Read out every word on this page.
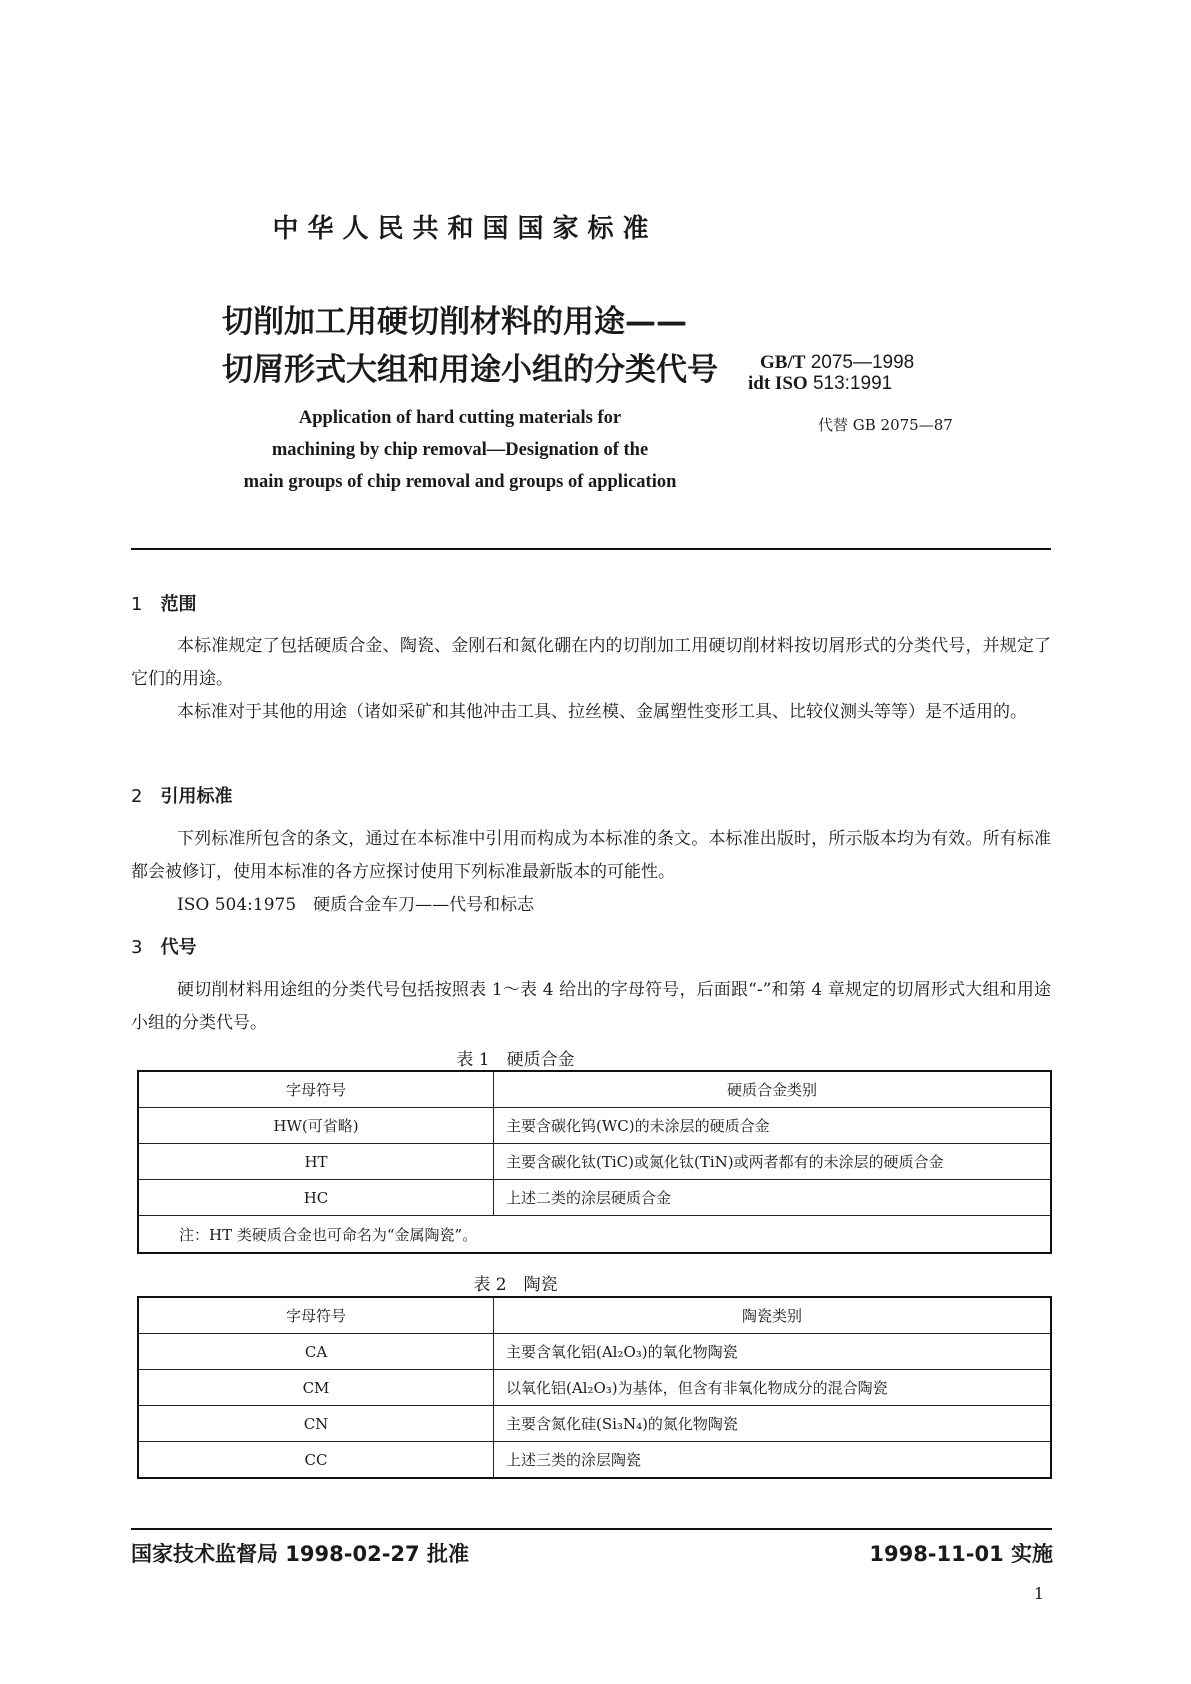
中华人民共和国国家标准
切削加工用硬切削材料的用途——
切屑形式大组和用途小组的分类代号 GB/T 2075—1998
idt ISO 513:1991
代替 GB 2075—87
Application of hard cutting materials for
machining by chip removal—Designation of the
main groups of chip removal and groups of application
1 范围

本标准规定了包括硬质合金、陶瓷、金刚石和氮化硼在内的切削加工用硬切削材料按切屑形式的分类代号，并规定了它们的用途。

本标准对于其他的用途（诸如采矿和其他冲击工具、拉丝模、金属塑性变形工具、比较仪测头等等）是不适用的。

2 引用标准

下列标准所包含的条文，通过在本标准中引用而构成为本标准的条文。本标准出版时，所示版本均为有效。所有标准都会被修订，使用本标准的各方应探讨使用下列标准最新版本的可能性。

ISO 504:1975　硬质合金车刀——代号和标志

3 代号

硬切削材料用途组的分类代号包括按照表 1～表 4 给出的字母符号，后面跟“-”和第 4 章规定的切屑形式大组和用途小组的分类代号。

表 1　硬质合金
字母符号	硬质合金类别
HW(可省略)	主要含碳化钨(WC)的未涂层的硬质合金
HT	主要含碳化钛(TiC)或氮化钛(TiN)或两者都有的未涂层的硬质合金
HC	上述二类的涂层硬质合金
注：HT 类硬质合金也可命名为“金属陶瓷”。	
表 2　陶瓷
字母符号	陶瓷类别
CA	主要含氧化铝(Al₂O₃)的氧化物陶瓷
CM	以氧化铝(Al₂O₃)为基体，但含有非氧化物成分的混合陶瓷
CN	主要含氮化硅(Si₃N₄)的氮化物陶瓷
CC	上述三类的涂层陶瓷
国家技术监督局 1998-02-27 批准	1998-11-01 实施
1
